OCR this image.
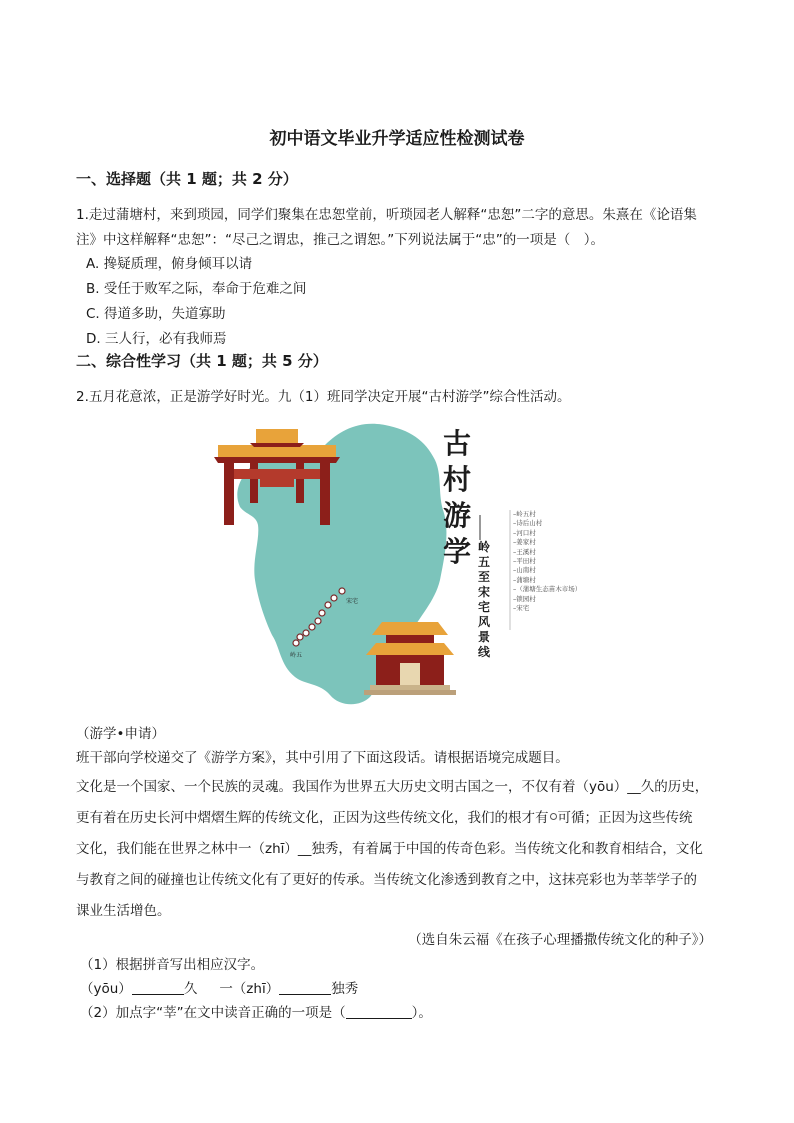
初中语文毕业升学适应性检测试卷
一、选择题（共 1 题；共 2 分）
1.走过蒲塘村，来到琐园，同学们聚集在忠恕堂前，听琐园老人解释“忠恕”二字的意思。朱熹在《论语集
注》中这样解释“忠恕”：“尽己之谓忠，推己之谓恕。”下列说法属于“忠”的一项是（　）。
A. 搀疑质理，俯身倾耳以请
B. 受任于败军之际，奉命于危难之间
C. 得道多助，失道寡助
D. 三人行，必有我师焉
二、综合性学习（共 1 题；共 5 分）
2.五月花意浓，正是游学好时光。九（1）班同学决定开展“古村游学”综合性活动。
宋宅
岭五
古
村
游
学 岭
五
至
宋
宅
风
景
线
–岭五村
–诗后山村
–河口村
–姜家村
–王溪村
–平田村
–山南村
–蒲塘村
–（蒲塘生态苗木市场）
–锁园村
–宋宅
（游学•申请）
班干部向学校递交了《游学方案》，其中引用了下面这段话。请根据语境完成题目。
文化是一个国家、一个民族的灵魂。我国作为世界五大历史文明古国之一，不仅有着（yōu）__久的历史，
更有着在历史长河中熠熠生辉的传统文化，正因为这些传统文化，我们的根才有 可循；正因为这些传统
文化，我们能在世界之林中一（zhī）__独秀，有着属于中国的传奇色彩。当传统文化和教育相结合，文化
与教育之间的碰撞也让传统文化有了更好的传承。当传统文化渗透到教育之中，这抹亮彩也为莘莘学子的
课业生活增色。
（选自朱云福《在孩子心理播撒传统文化的种子》）
（1）根据拼音写出相应汉字。
（yōu）	久 一（zhī）	独秀
（2）加点字“莘”在文中读音正确的一项是（	）。
